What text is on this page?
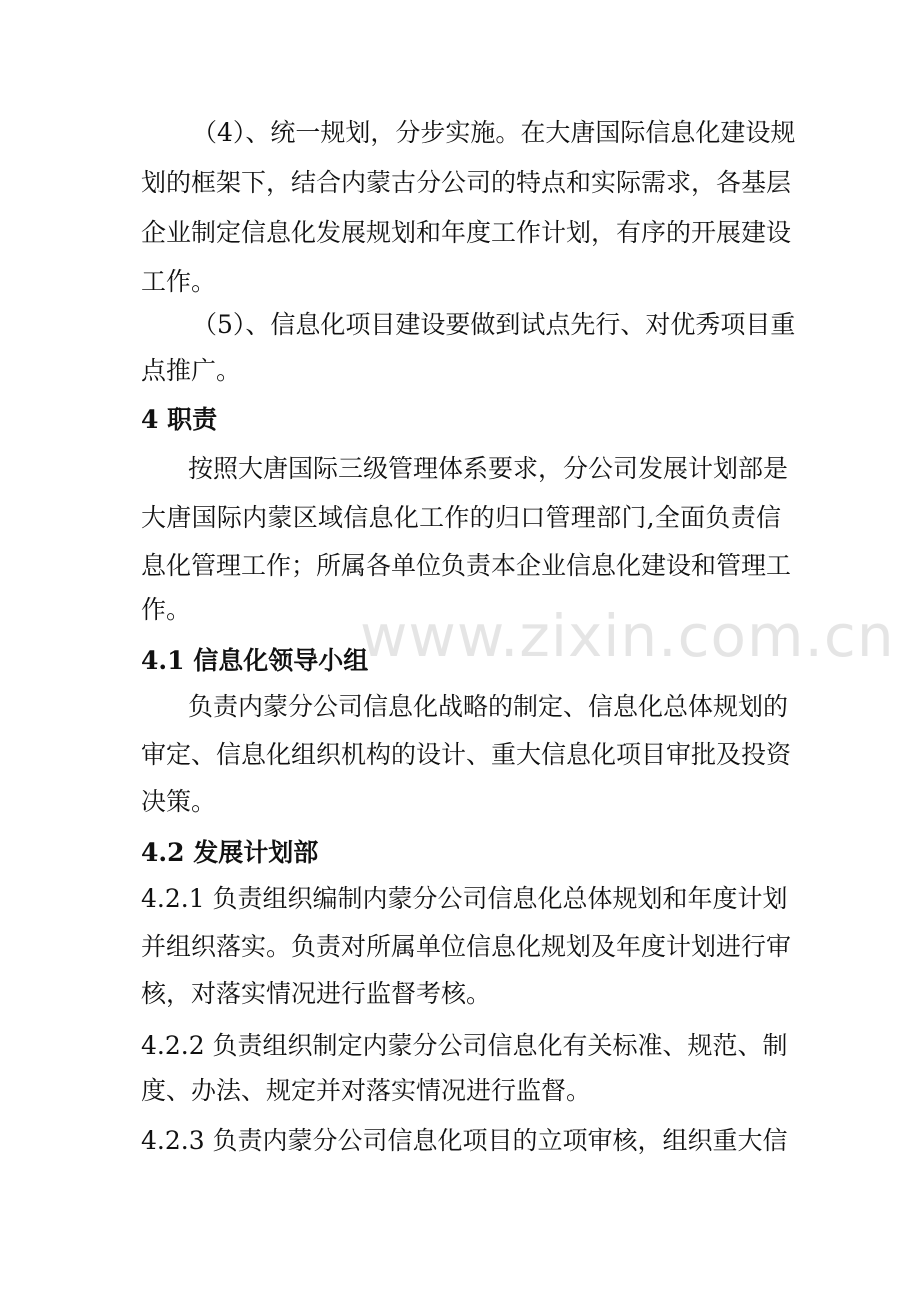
www.zixin.com.cn
（4）、统一规划，分步实施。在大唐国际信息化建设规
划的框架下，结合内蒙古分公司的特点和实际需求，各基层
企业制定信息化发展规划和年度工作计划，有序的开展建设
工作。
（5）、信息化项目建设要做到试点先行、对优秀项目重
点推广。
4 职责
按照大唐国际三级管理体系要求，分公司发展计划部是
大唐国际内蒙区域信息化工作的归口管理部门,全面负责信
息化管理工作；所属各单位负责本企业信息化建设和管理工
作。
4.1 信息化领导小组
负责内蒙分公司信息化战略的制定、信息化总体规划的
审定、信息化组织机构的设计、重大信息化项目审批及投资
决策。
4.2 发展计划部
4.2.1 负责组织编制内蒙分公司信息化总体规划和年度计划
并组织落实。负责对所属单位信息化规划及年度计划进行审
核，对落实情况进行监督考核。
4.2.2 负责组织制定内蒙分公司信息化有关标准、规范、制
度、办法、规定并对落实情况进行监督。
4.2.3 负责内蒙分公司信息化项目的立项审核，组织重大信
